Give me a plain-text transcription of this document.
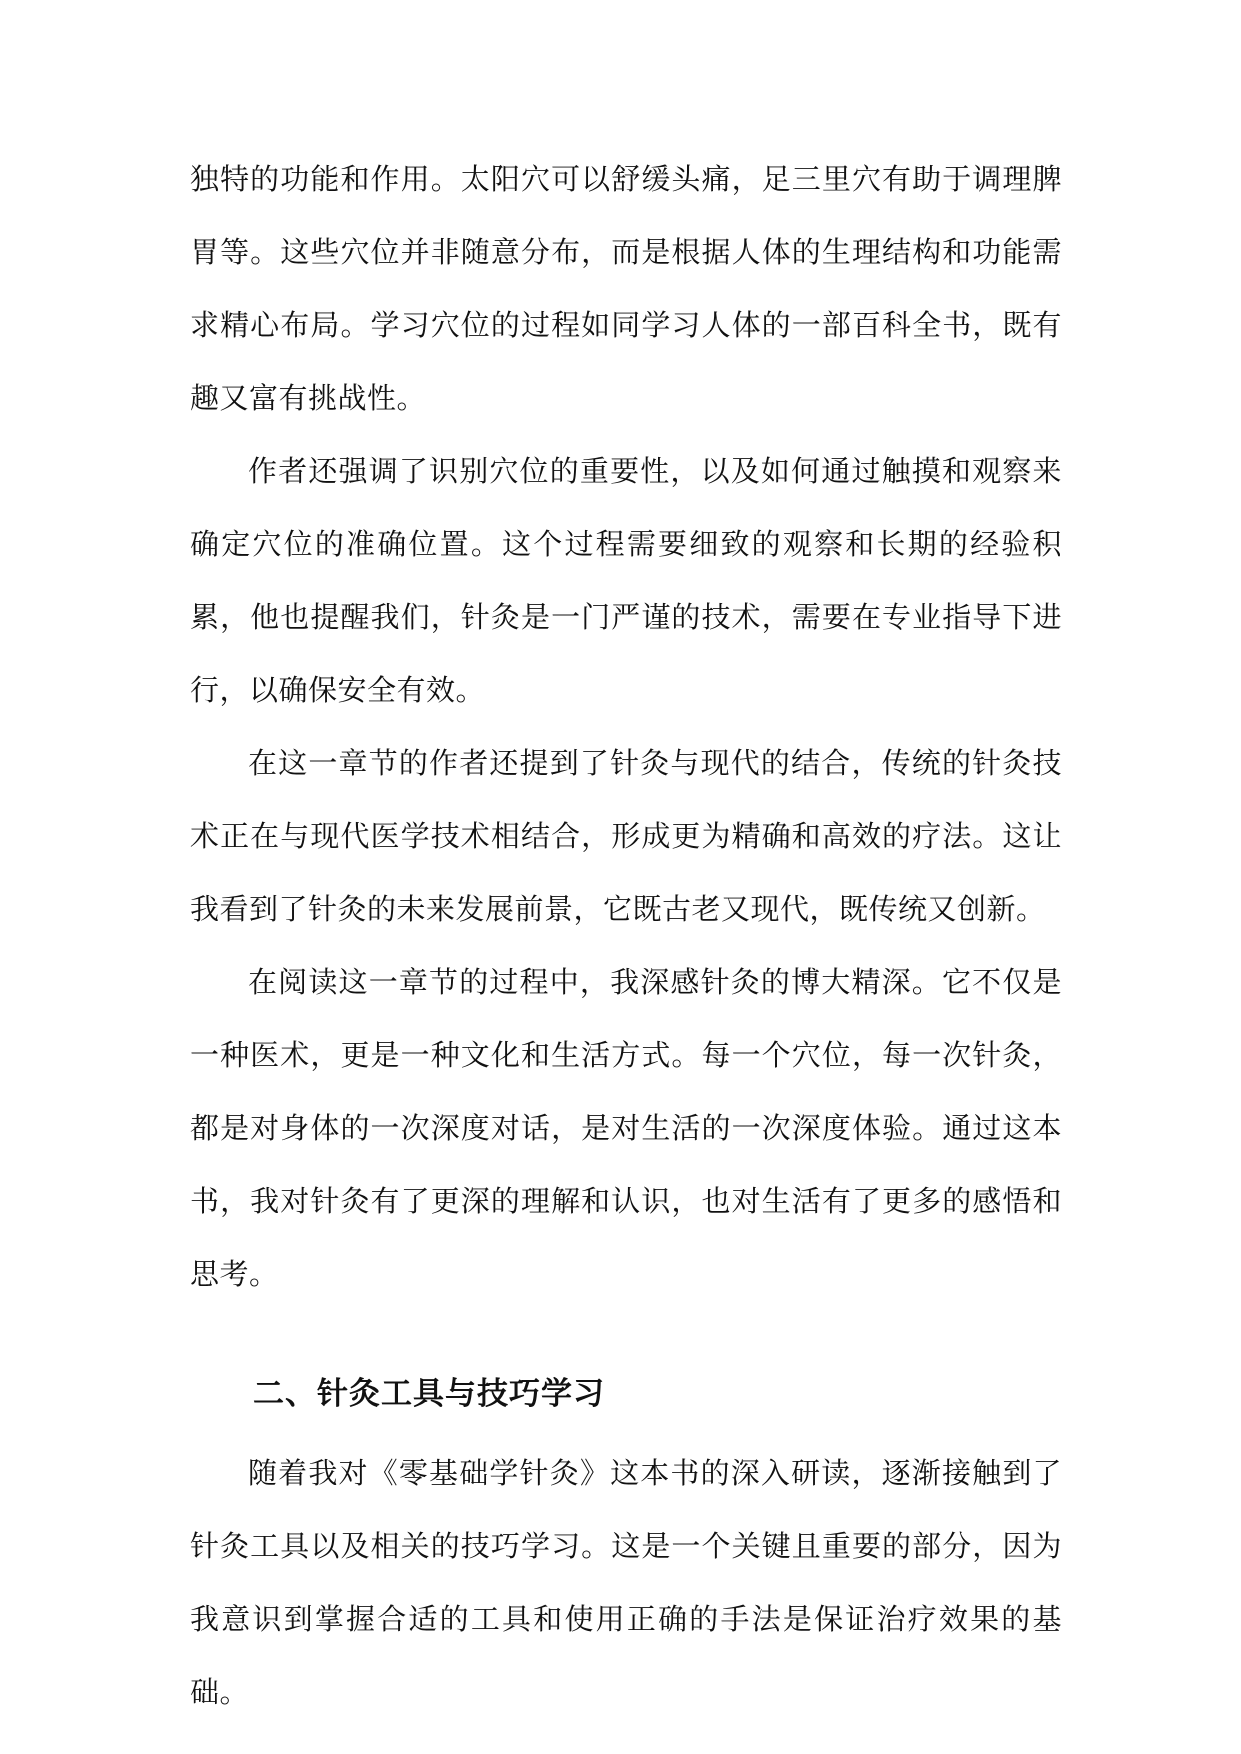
独特的功能和作用。太阳穴可以舒缓头痛，足三里穴有助于调理脾胃等。这些穴位并非随意分布，而是根据人体的生理结构和功能需求精心布局。学习穴位的过程如同学习人体的一部百科全书，既有趣又富有挑战性。

作者还强调了识别穴位的重要性，以及如何通过触摸和观察来确定穴位的准确位置。这个过程需要细致的观察和长期的经验积累，他也提醒我们，针灸是一门严谨的技术，需要在专业指导下进行，以确保安全有效。

在这一章节的作者还提到了针灸与现代的结合，传统的针灸技术正在与现代医学技术相结合，形成更为精确和高效的疗法。这让我看到了针灸的未来发展前景，它既古老又现代，既传统又创新。

在阅读这一章节的过程中，我深感针灸的博大精深。它不仅是一种医术，更是一种文化和生活方式。每一个穴位，每一次针灸，都是对身体的一次深度对话，是对生活的一次深度体验。通过这本书，我对针灸有了更深的理解和认识，也对生活有了更多的感悟和思考。

二、针灸工具与技巧学习

随着我对《零基础学针灸》这本书的深入研读，逐渐接触到了针灸工具以及相关的技巧学习。这是一个关键且重要的部分，因为我意识到掌握合适的工具和使用正确的手法是保证治疗效果的基础。
